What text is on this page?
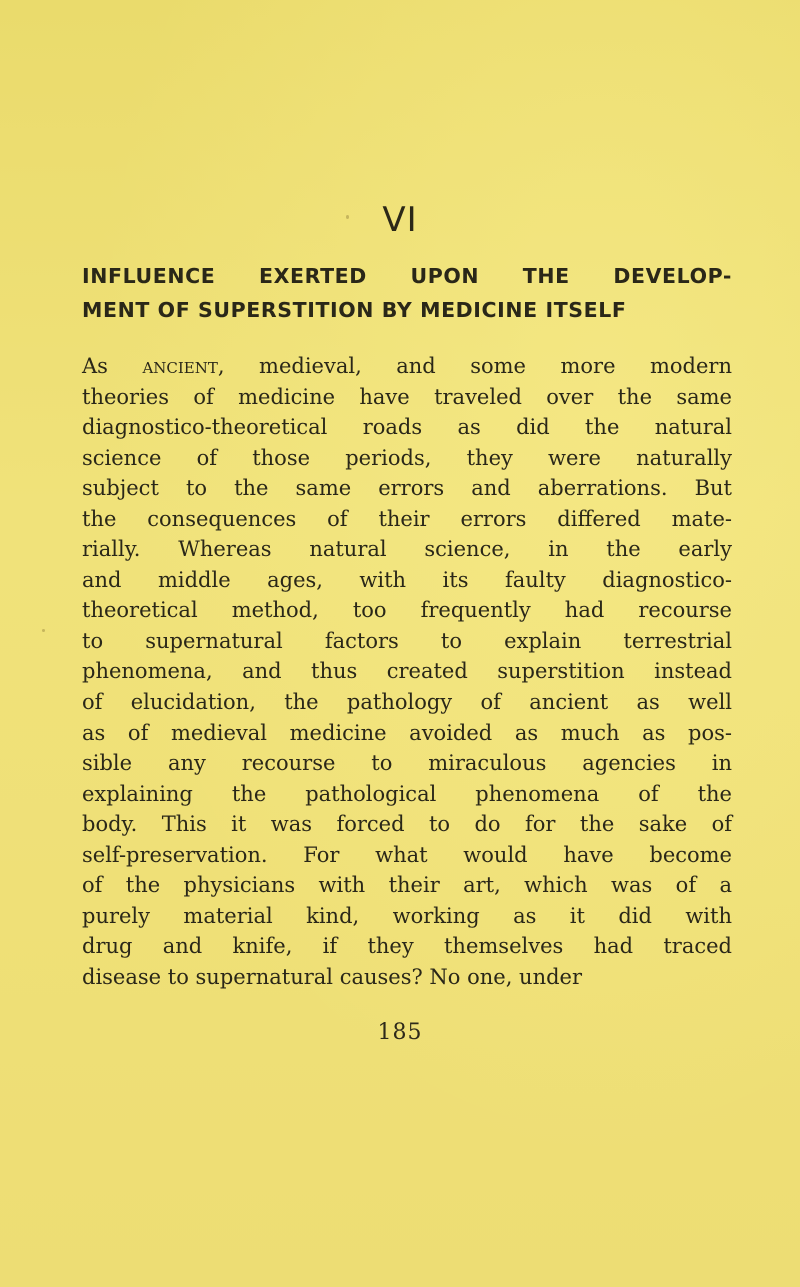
VI
INFLUENCE EXERTED UPON THE DEVELOP-
MENT OF SUPERSTITION BY MEDICINE ITSELF
As ancient, medieval, and some more modern
theories of medicine have traveled over the same
diagnostico-theoretical roads as did the natural
science of those periods, they were naturally
subject to the same errors and aberrations. But
the consequences of their errors differed mate-
rially. Whereas natural science, in the early
and middle ages, with its faulty diagnostico-
theoretical method, too frequently had recourse
to supernatural factors to explain terrestrial
phenomena, and thus created superstition instead
of elucidation, the pathology of ancient as well
as of medieval medicine avoided as much as pos-
sible any recourse to miraculous agencies in
explaining the pathological phenomena of the
body. This it was forced to do for the sake of
self-preservation. For what would have become
of the physicians with their art, which was of a
purely material kind, working as it did with
drug and knife, if they themselves had traced
disease to supernatural causes? No one, under
185
